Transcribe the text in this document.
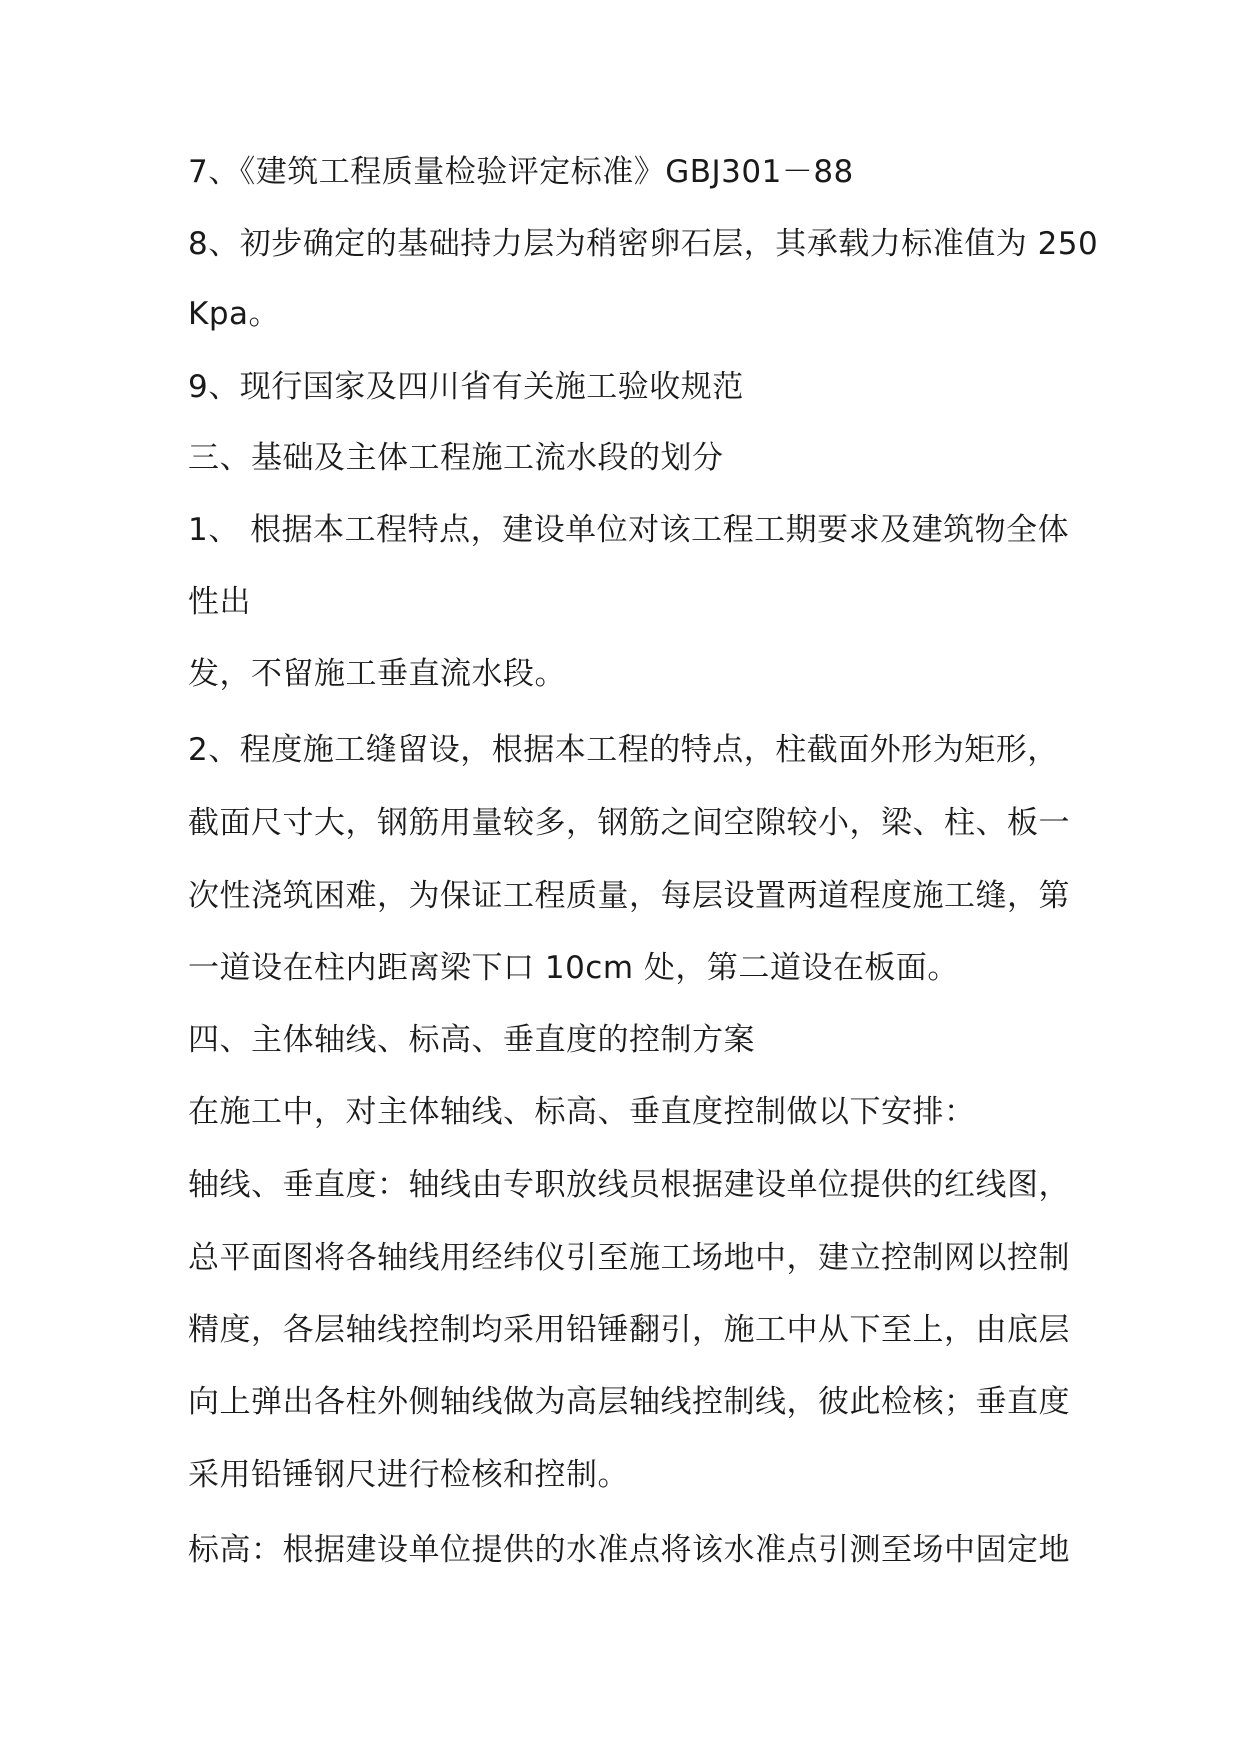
7、《建筑工程质量检验评定标准》GBJ301－88
8、初步确定的基础持力层为稍密卵石层，其承载力标准值为 250
Kpa。
9、现行国家及四川省有关施工验收规范
三、基础及主体工程施工流水段的划分
1、 根据本工程特点，建设单位对该工程工期要求及建筑物全体
性出
发，不留施工垂直流水段。
2、程度施工缝留设，根据本工程的特点，柱截面外形为矩形，
截面尺寸大，钢筋用量较多，钢筋之间空隙较小，梁、柱、板一
次性浇筑困难，为保证工程质量，每层设置两道程度施工缝，第
一道设在柱内距离梁下口 10cm 处，第二道设在板面。
四、主体轴线、标高、垂直度的控制方案
在施工中，对主体轴线、标高、垂直度控制做以下安排：
轴线、垂直度：轴线由专职放线员根据建设单位提供的红线图，
总平面图将各轴线用经纬仪引至施工场地中，建立控制网以控制
精度，各层轴线控制均采用铅锤翻引，施工中从下至上，由底层
向上弹出各柱外侧轴线做为高层轴线控制线，彼此检核；垂直度
采用铅锤钢尺进行检核和控制。
标高：根据建设单位提供的水准点将该水准点引测至场中固定地
